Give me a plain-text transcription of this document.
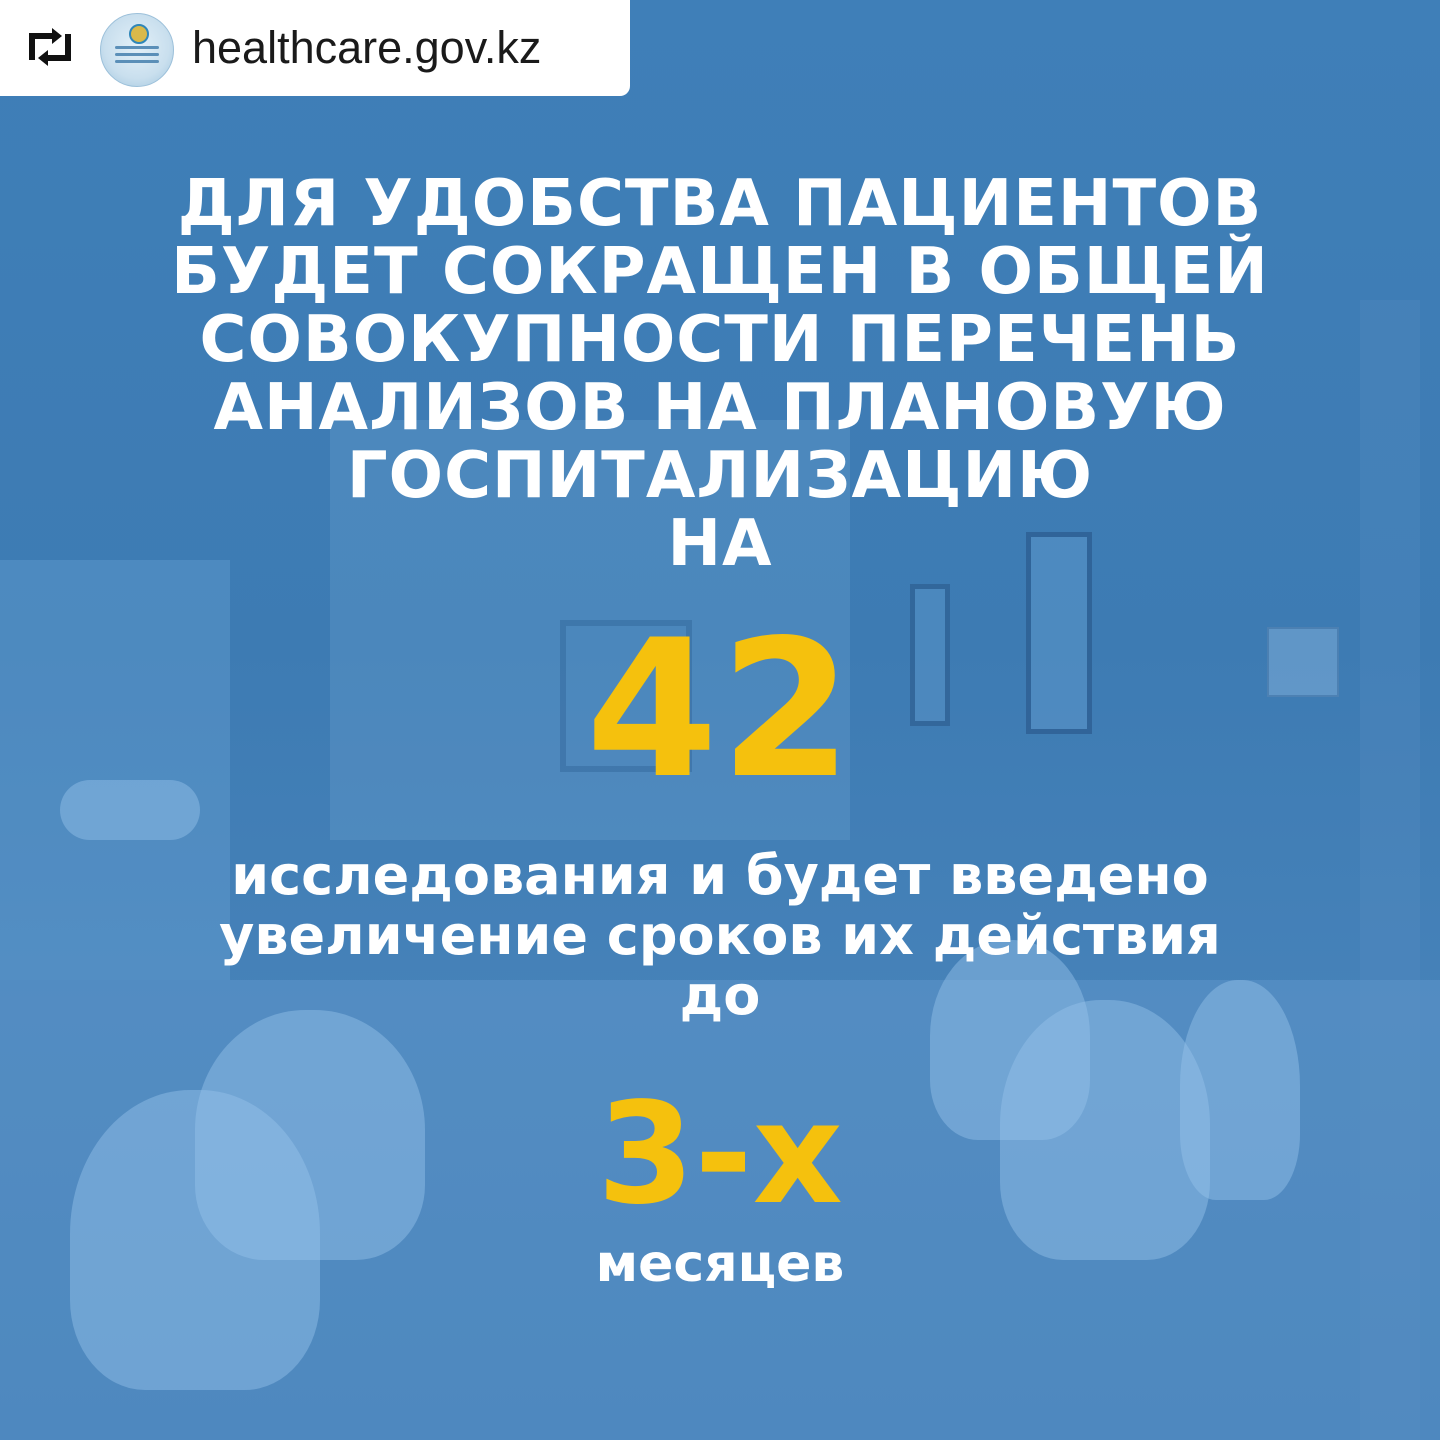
healthcare.gov.kz
ДЛЯ УДОБСТВА ПАЦИЕНТОВ
БУДЕТ СОКРАЩЕН В ОБЩЕЙ
СОВОКУПНОСТИ ПЕРЕЧЕНЬ
АНАЛИЗОВ НА ПЛАНОВУЮ
ГОСПИТАЛИЗАЦИЮ
НА
42

исследования и будет введено
увеличение сроков их действия
до

3-х
месяцев
